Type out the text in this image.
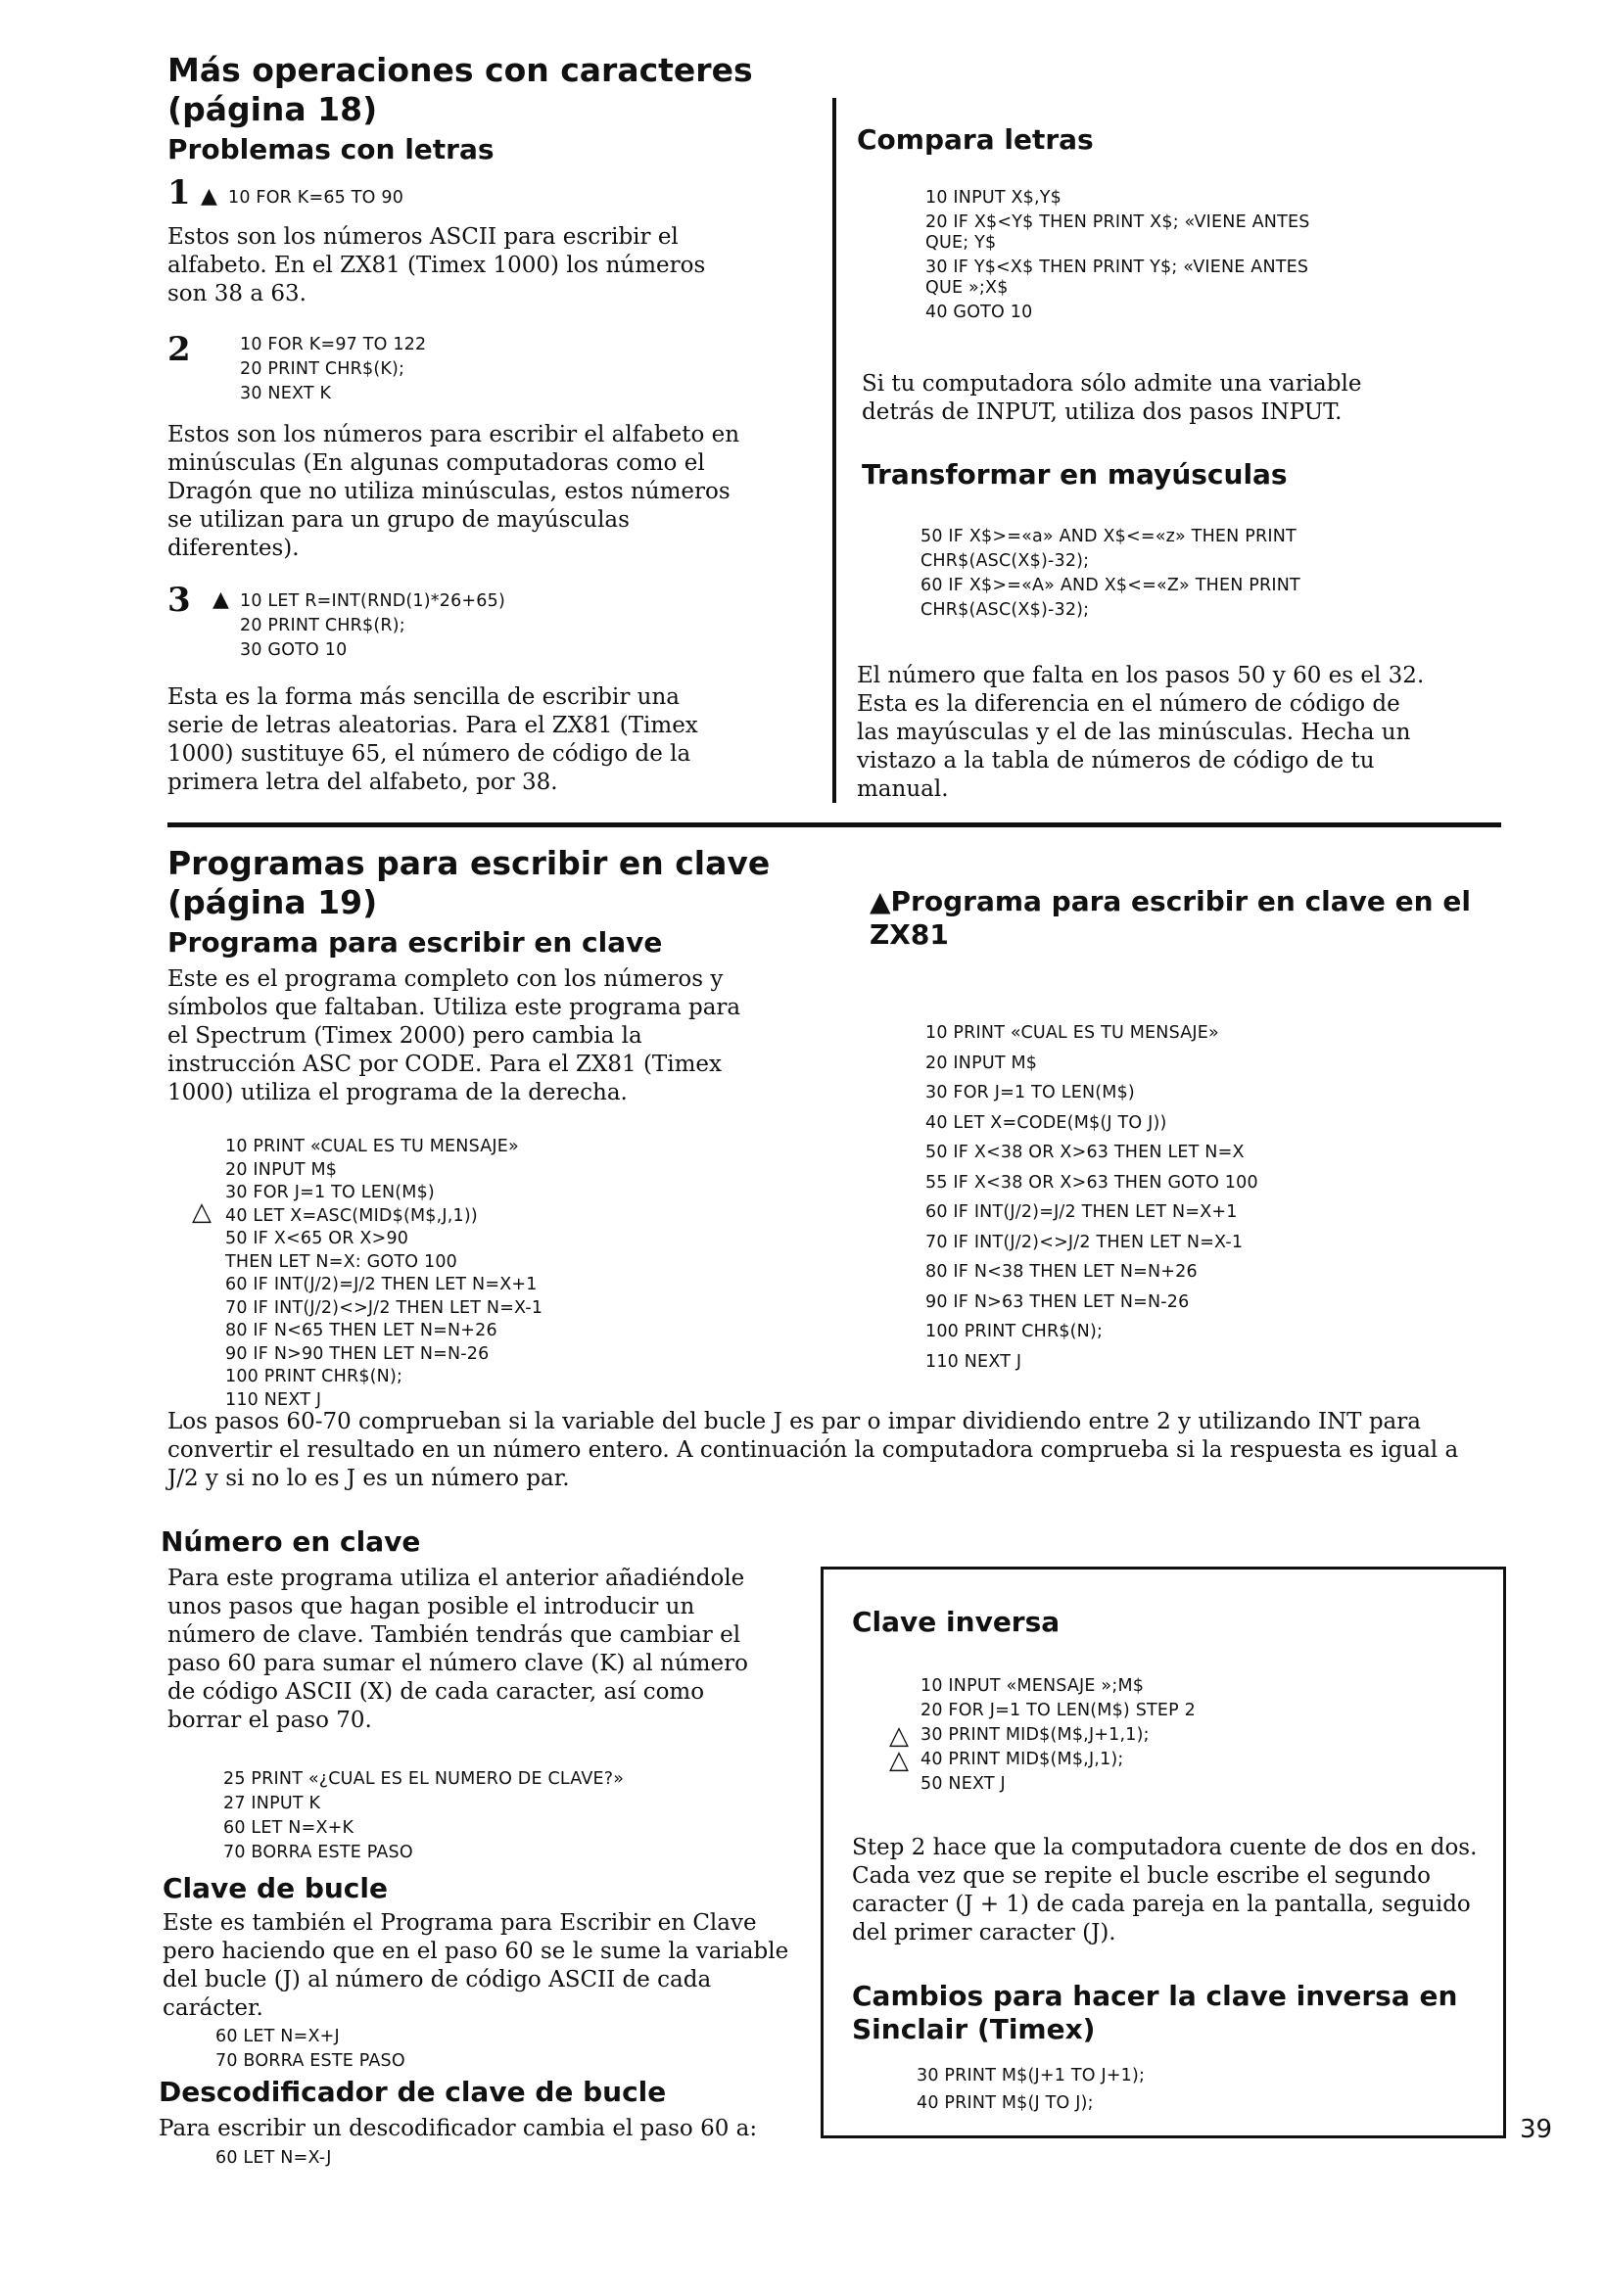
Más operaciones con caracteres (página 18)
Problemas con letras
1 ▲ 10 FOR K=65 TO 90

Estos son los números ASCII para escribir el alfabeto. En el ZX81 (Timex 1000) los números son 38 a 63.

2	10 FOR K=97 TO 122
20 PRINT CHR$(K);
30 NEXT K

Estos son los números para escribir el alfabeto en minúsculas (En algunas computadoras como el Dragón que no utiliza minúsculas, estos números se utilizan para un grupo de mayúsculas diferentes).

3 ▲ 10 LET R=INT(RND(1)*26+65)
20 PRINT CHR$(R);
30 GOTO 10

Esta es la forma más sencilla de escribir una serie de letras aleatorias. Para el ZX81 (Timex 1000) sustituye 65, el número de código de la primera letra del alfabeto, por 38.

Compara letras
10 INPUT X$,Y$
20 IF X$<Y$ THEN PRINT X$; «VIENE ANTES
QUE; Y$
30 IF Y$<X$ THEN PRINT Y$; «VIENE ANTES
QUE »;X$
40 GOTO 10

Si tu computadora sólo admite una variable detrás de INPUT, utiliza dos pasos INPUT.

Transformar en mayúsculas
50 IF X$>=«a» AND X$<=«z» THEN PRINT
CHR$(ASC(X$)-32);
60 IF X$>=«A» AND X$<=«Z» THEN PRINT
CHR$(ASC(X$)-32);

El número que falta en los pasos 50 y 60 es el 32. Esta es la diferencia en el número de código de las mayúsculas y el de las minúsculas. Hecha un vistazo a la tabla de números de código de tu manual.

Programas para escribir en clave (página 19)
Programa para escribir en clave

Este es el programa completo con los números y símbolos que faltaban. Utiliza este programa para el Spectrum (Timex 2000) pero cambia la instrucción ASC por CODE. Para el ZX81 (Timex 1000) utiliza el programa de la derecha.

10 PRINT «CUAL ES TU MENSAJE»
20 INPUT M$
30 FOR J=1 TO LEN(M$)
40 LET X=ASC(MID$(M$,J,1))
50 IF X<65 OR X>90
THEN LET N=X: GOTO 100
60 IF INT(J/2)=J/2 THEN LET N=X+1
70 IF INT(J/2)<>J/2 THEN LET N=X-1
80 IF N<65 THEN LET N=N+26
90 IF N>90 THEN LET N=N-26
100 PRINT CHR$(N);
110 NEXT J
△
▲Programa para escribir en clave en el ZX81
10 PRINT «CUAL ES TU MENSAJE»
20 INPUT M$
30 FOR J=1 TO LEN(M$)
40 LET X=CODE(M$(J TO J))
50 IF X<38 OR X>63 THEN LET N=X
55 IF X<38 OR X>63 THEN GOTO 100
60 IF INT(J/2)=J/2 THEN LET N=X+1
70 IF INT(J/2)<>J/2 THEN LET N=X-1
80 IF N<38 THEN LET N=N+26
90 IF N>63 THEN LET N=N-26
100 PRINT CHR$(N);
110 NEXT J

Los pasos 60-70 comprueban si la variable del bucle J es par o impar dividiendo entre 2 y utilizando INT para convertir el resultado en un número entero. A continuación la computadora comprueba si la respuesta es igual a J/2 y si no lo es J es un número par.

Número en clave

Para este programa utiliza el anterior añadiéndole unos pasos que hagan posible el introducir un número de clave. También tendrás que cambiar el paso 60 para sumar el número clave (K) al número de código ASCII (X) de cada caracter, así como borrar el paso 70.

25 PRINT «¿CUAL ES EL NUMERO DE CLAVE?»
27 INPUT K
60 LET N=X+K
70 BORRA ESTE PASO
Clave de bucle

Este es también el Programa para Escribir en Clave pero haciendo que en el paso 60 se le sume la variable del bucle (J) al número de código ASCII de cada carácter.

60 LET N=X+J
70 BORRA ESTE PASO
Descodificador de clave de bucle

Para escribir un descodificador cambia el paso 60 a:

60 LET N=X-J
Clave inversa
10 INPUT «MENSAJE »;M$
20 FOR J=1 TO LEN(M$) STEP 2
30 PRINT MID$(M$,J+1,1);
40 PRINT MID$(M$,J,1);
50 NEXT J
△
△

Step 2 hace que la computadora cuente de dos en dos. Cada vez que se repite el bucle escribe el segundo caracter (J + 1) de cada pareja en la pantalla, seguido del primer caracter (J).

Cambios para hacer la clave inversa en Sinclair (Timex)
30 PRINT M$(J+1 TO J+1);
40 PRINT M$(J TO J);
39
